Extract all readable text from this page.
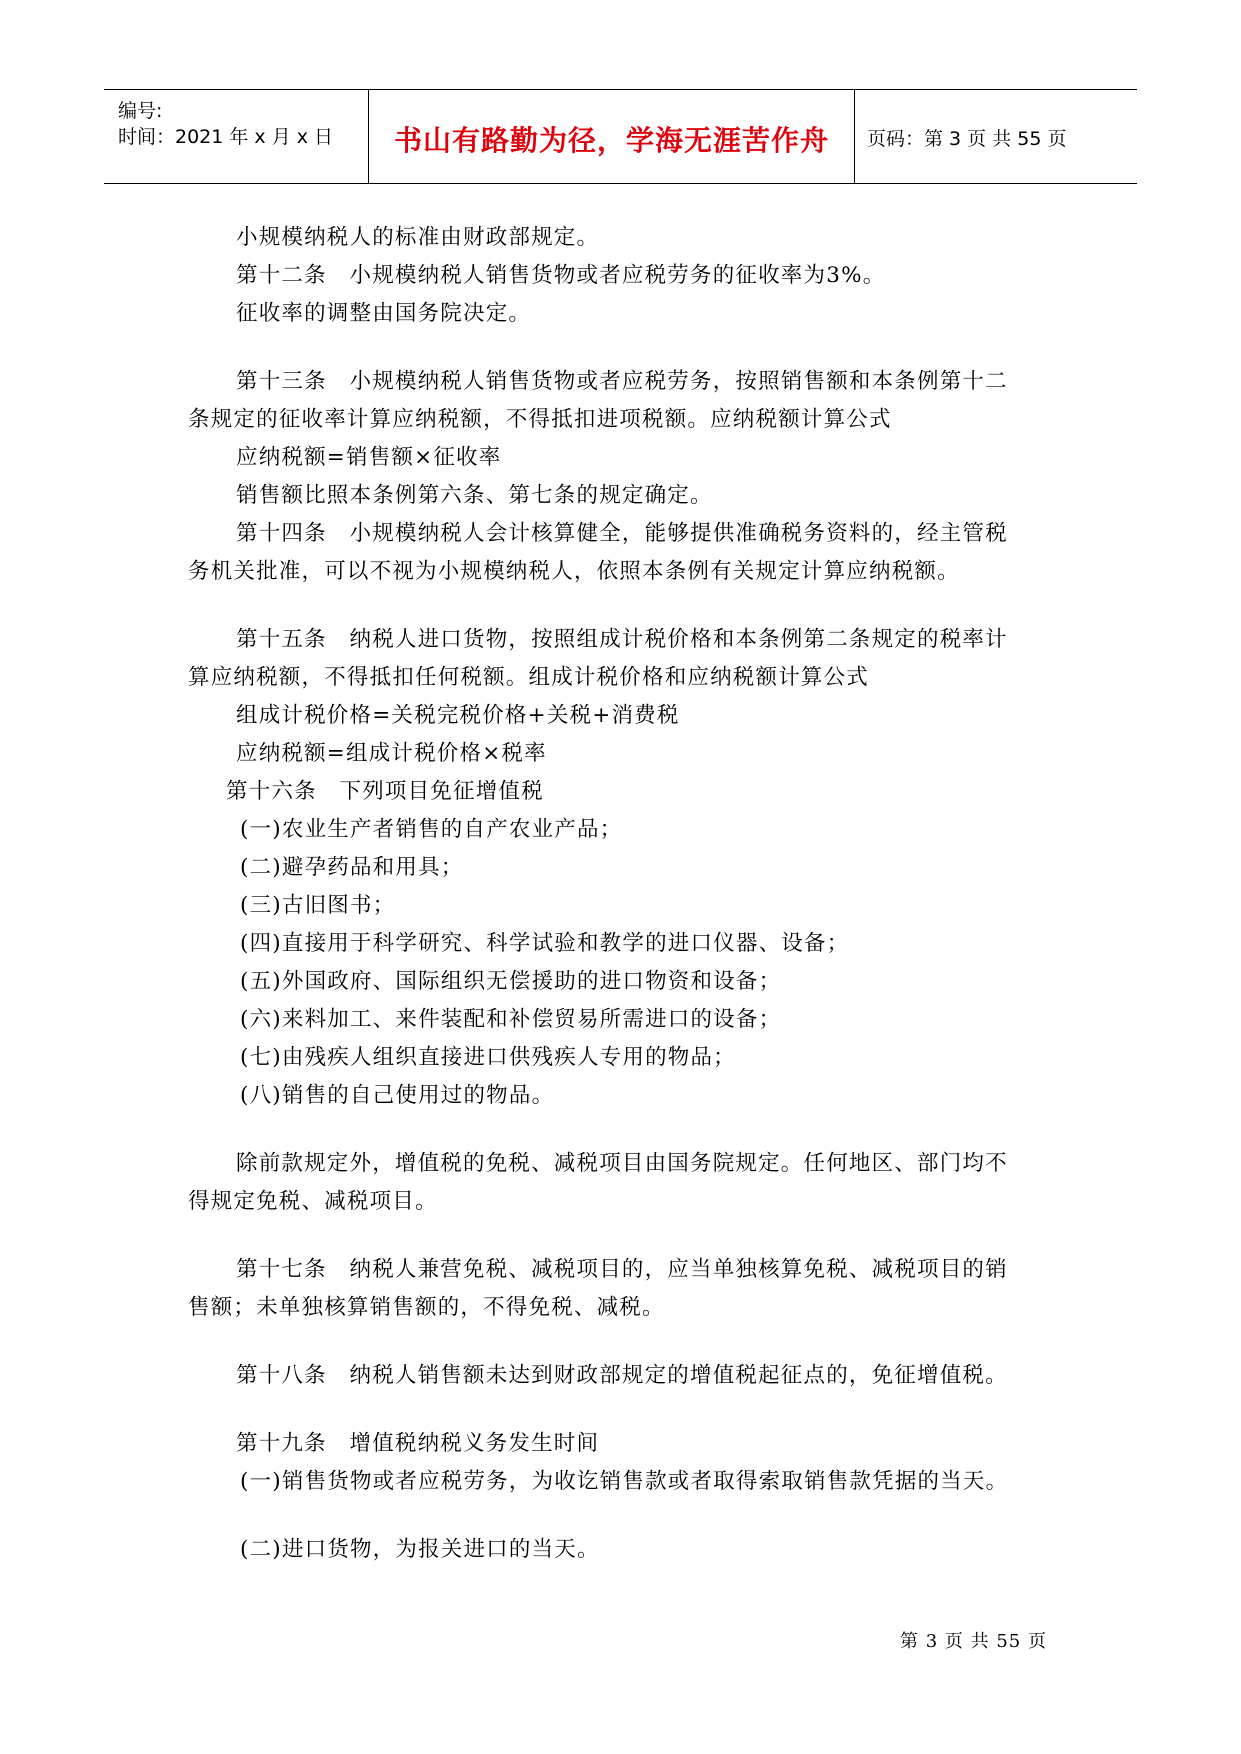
编号:
时间：2021 年 x 月 x 日	书山有路勤为径，学海无涯苦作舟	页码：第 3 页 共 55 页
小规模纳税人的标准由财政部规定。
第十二条　小规模纳税人销售货物或者应税劳务的征收率为3%。
征收率的调整由国务院决定。
第十三条　小规模纳税人销售货物或者应税劳务，按照销售额和本条例第十二
条规定的征收率计算应纳税额，不得抵扣进项税额。应纳税额计算公式
应纳税额=销售额×征收率
销售额比照本条例第六条、第七条的规定确定。
第十四条　小规模纳税人会计核算健全，能够提供准确税务资料的，经主管税
务机关批准，可以不视为小规模纳税人，依照本条例有关规定计算应纳税额。
第十五条　纳税人进口货物，按照组成计税价格和本条例第二条规定的税率计
算应纳税额，不得抵扣任何税额。组成计税价格和应纳税额计算公式
组成计税价格=关税完税价格+关税+消费税
应纳税额=组成计税价格×税率
第十六条　下列项目免征增值税
(一)农业生产者销售的自产农业产品；
(二)避孕药品和用具；
(三)古旧图书；
(四)直接用于科学研究、科学试验和教学的进口仪器、设备；
(五)外国政府、国际组织无偿援助的进口物资和设备；
(六)来料加工、来件装配和补偿贸易所需进口的设备；
(七)由残疾人组织直接进口供残疾人专用的物品；
(八)销售的自己使用过的物品。
除前款规定外，增值税的免税、减税项目由国务院规定。任何地区、部门均不
得规定免税、减税项目。
第十七条　纳税人兼营免税、减税项目的，应当单独核算免税、减税项目的销
售额；未单独核算销售额的，不得免税、减税。
第十八条　纳税人销售额未达到财政部规定的增值税起征点的，免征增值税。
第十九条　增值税纳税义务发生时间
(一)销售货物或者应税劳务，为收讫销售款或者取得索取销售款凭据的当天。
(二)进口货物，为报关进口的当天。
第 3 页 共 55 页
